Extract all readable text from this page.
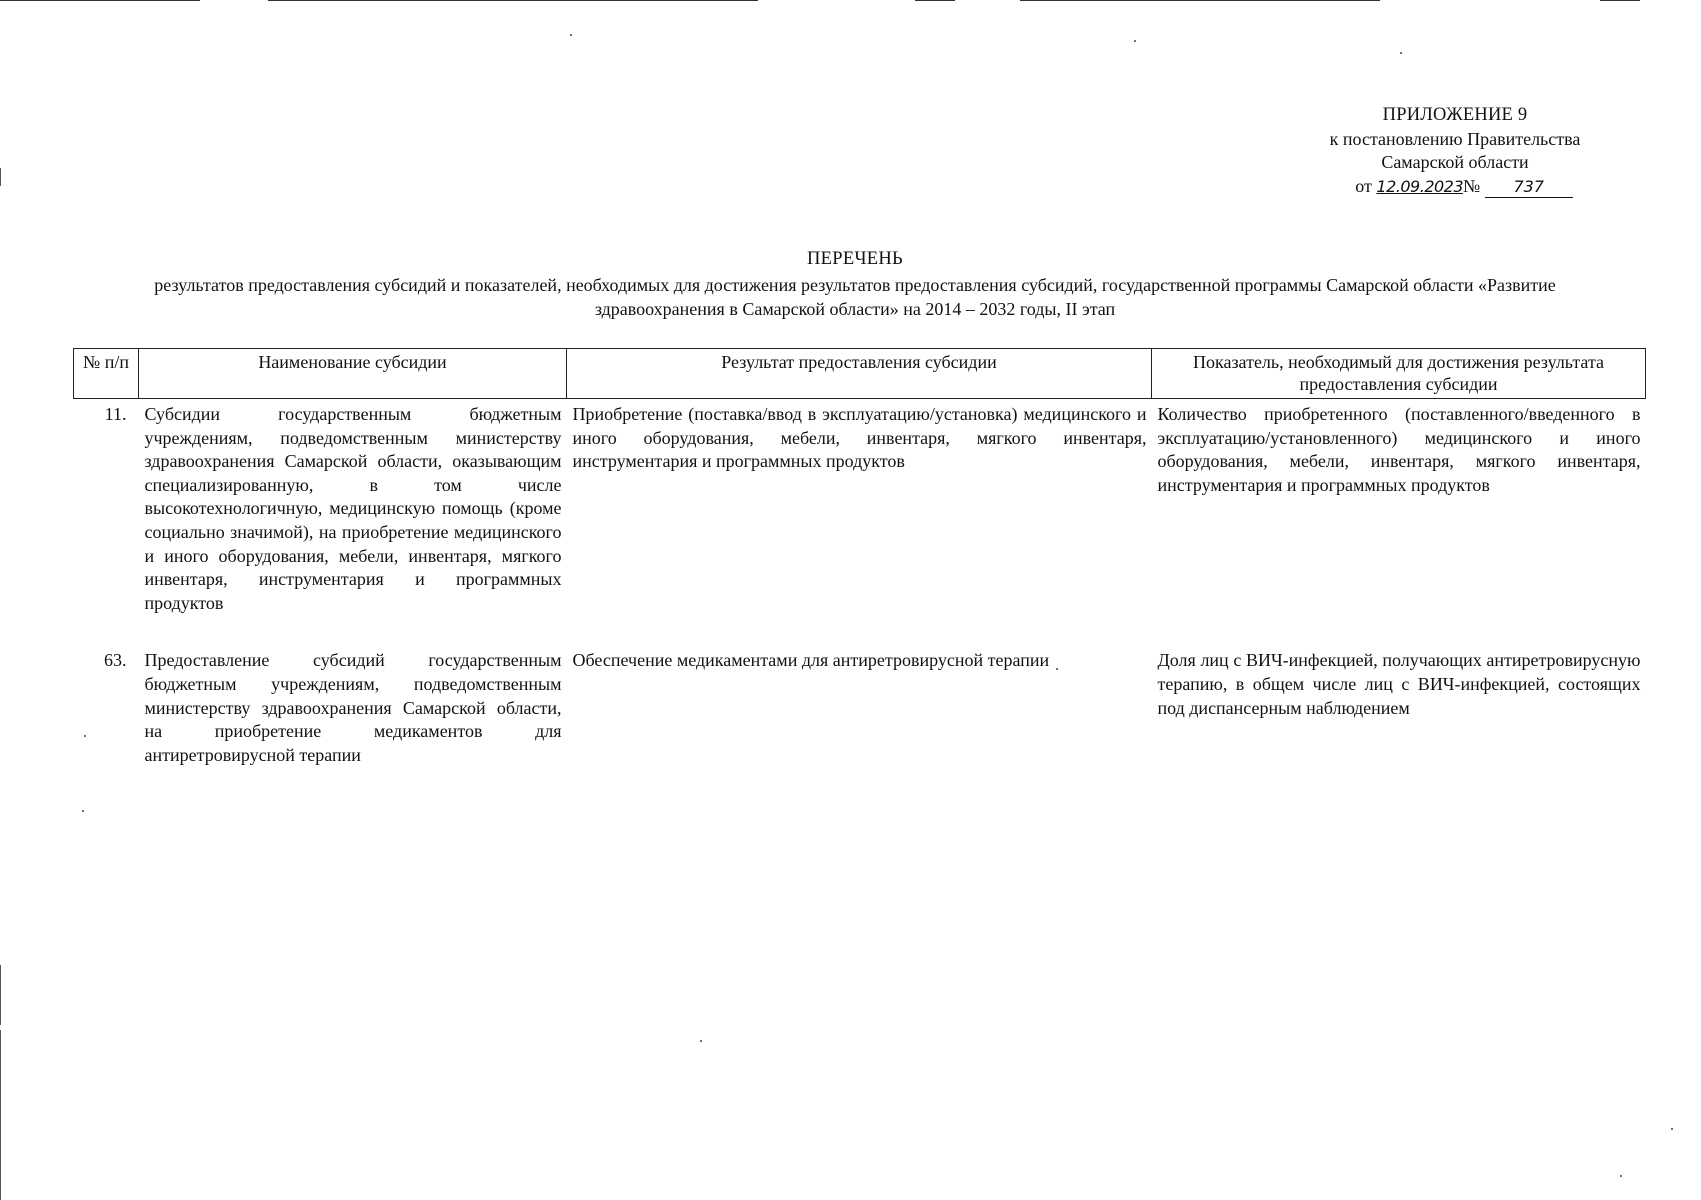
ПРИЛОЖЕНИЕ 9
к постановлению Правительства
Самарской области
от 12.09.2023№ 737
ПЕРЕЧЕНЬ
результатов предоставления субсидий и показателей, необходимых для достижения результатов предоставления субсидий, государственной программы Самарской области «Развитие здравоохранения в Самарской области» на 2014 – 2032 годы, II этап
№ п/п	Наименование субсидии	Результат предоставления субсидии	Показатель, необходимый для достижения результата предоставления субсидии
11.	Субсидии государственным бюджетным учреждениям, подведомственным министерству здравоохранения Самарской области, оказывающим специализированную, в том числе высокотехнологичную, медицинскую помощь (кроме социально значимой), на приобретение медицинского и иного оборудования, мебели, инвентаря, мягкого инвентаря, инструментария и программных продуктов	Приобретение (поставка/ввод в эксплуатацию/установка) медицинского и иного оборудования, мебели, инвентаря, мягкого инвентаря, инструментария и программных продуктов	Количество приобретенного (поставленного/введенного в эксплуатацию/установленного) медицинского и иного оборудования, мебели, инвентаря, мягкого инвентаря, инструментария и программных продуктов
63.	Предоставление субсидий государственным бюджетным учреждениям, подведомственным министерству здравоохранения Самарской области, на приобретение медикаментов для антиретровирусной терапии	Обеспечение медикаментами для антиретровирусной терапии	Доля лиц с ВИЧ-инфекцией, получающих антиретровирусную терапию, в общем числе лиц с ВИЧ-инфекцией, состоящих под диспансерным наблюдением
